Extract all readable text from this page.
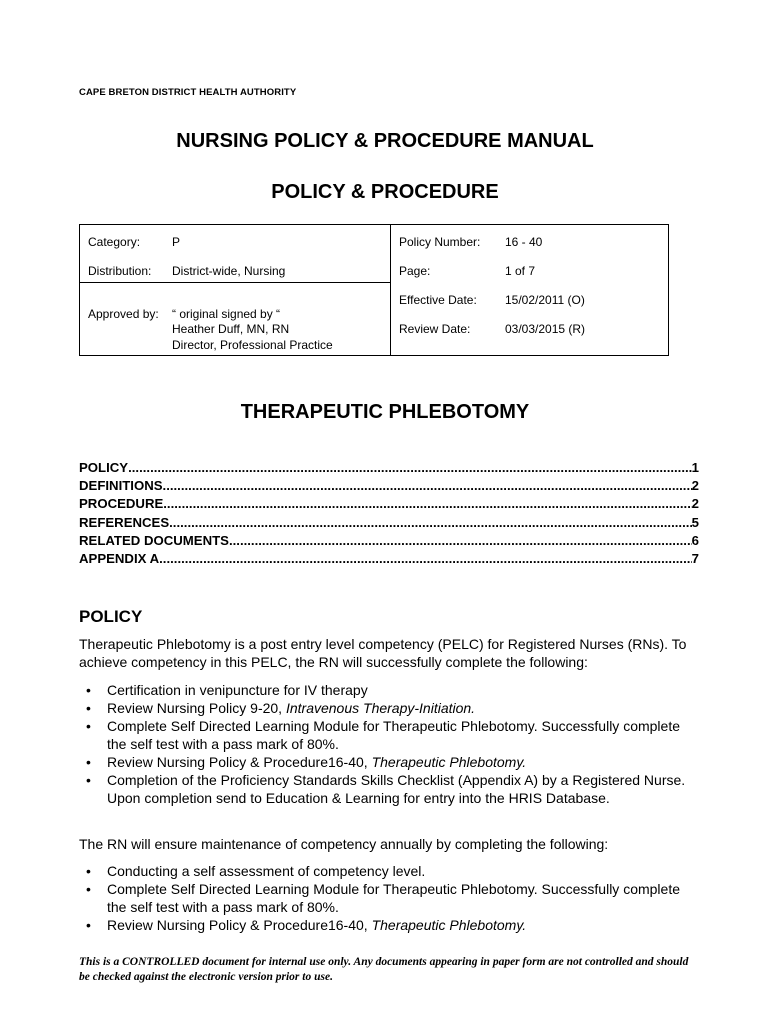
CAPE BRETON DISTRICT HEALTH AUTHORITY
NURSING POLICY & PROCEDURE MANUAL
POLICY & PROCEDURE
Category:	P
Distribution: District-wide, Nursing
Approved by: “ original signed by “
Heather Duff, MN, RN
Director, Professional Practice

Policy Number: 16 - 40
Page:	1 of 7
Effective Date: 15/02/2011 (O)
Review Date:	03/03/2015 (R)
THERAPEUTIC PHLEBOTOMY
POLICY .....	1
DEFINITIONS .....	2
PROCEDURE .....	2
REFERENCES .....	5
RELATED DOCUMENTS .....	6
APPENDIX A .....	7
POLICY
Therapeutic Phlebotomy is a post entry level competency (PELC) for Registered Nurses (RNs). To achieve competency in this PELC, the RN will successfully complete the following:
• Certification in venipuncture for IV therapy
• Review Nursing Policy 9-20, Intravenous Therapy-Initiation.
• Complete Self Directed Learning Module for Therapeutic Phlebotomy. Successfully complete the self test with a pass mark of 80%.
• Review Nursing Policy & Procedure16-40, Therapeutic Phlebotomy.
• Completion of the Proficiency Standards Skills Checklist (Appendix A) by a Registered Nurse. Upon completion send to Education & Learning for entry into the HRIS Database.
The RN will ensure maintenance of competency annually by completing the following:
• Conducting a self assessment of competency level.
• Complete Self Directed Learning Module for Therapeutic Phlebotomy. Successfully complete the self test with a pass mark of 80%.
• Review Nursing Policy & Procedure16-40, Therapeutic Phlebotomy.
This is a CONTROLLED document for internal use only. Any documents appearing in paper form are not controlled and should be checked against the electronic version prior to use.
